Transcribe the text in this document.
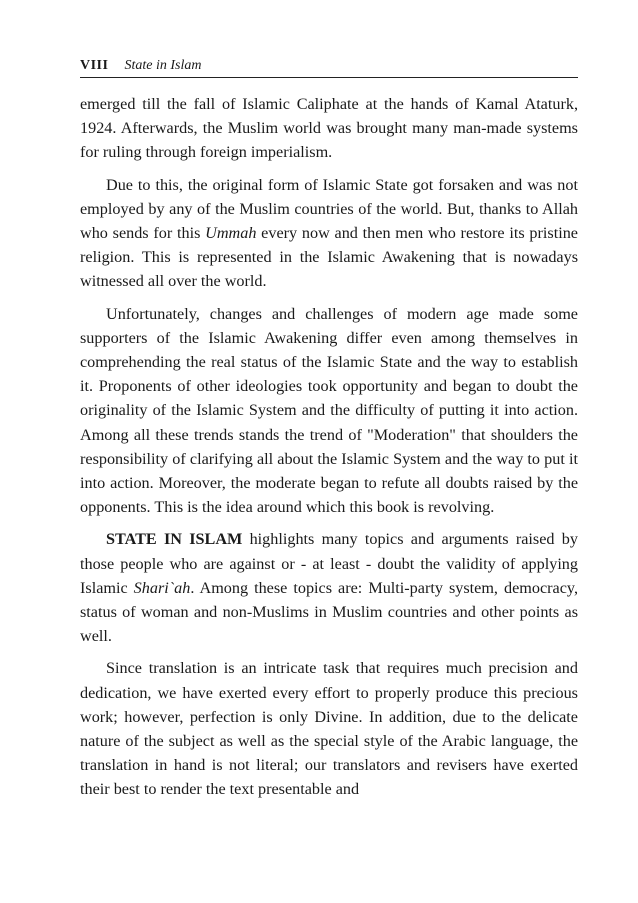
VIII State in Islam

emerged till the fall of Islamic Caliphate at the hands of Kamal Ataturk, 1924. Afterwards, the Muslim world was brought many man-made systems for ruling through foreign imperialism.

Due to this, the original form of Islamic State got forsaken and was not employed by any of the Muslim countries of the world. But, thanks to Allah who sends for this Ummah every now and then men who restore its pristine religion. This is represented in the Islamic Awakening that is nowadays witnessed all over the world.

Unfortunately, changes and challenges of modern age made some supporters of the Islamic Awakening differ even among themselves in comprehending the real status of the Islamic State and the way to establish it. Proponents of other ideologies took opportunity and began to doubt the originality of the Islamic System and the difficulty of putting it into action. Among all these trends stands the trend of "Moderation" that shoulders the responsibility of clarifying all about the Islamic System and the way to put it into action. Moreover, the moderate began to refute all doubts raised by the opponents. This is the idea around which this book is revolving.

STATE IN ISLAM highlights many topics and arguments raised by those people who are against or - at least - doubt the validity of applying Islamic Shari`ah. Among these topics are: Multi-party system, democracy, status of woman and non-Muslims in Muslim countries and other points as well.

Since translation is an intricate task that requires much precision and dedication, we have exerted every effort to properly produce this precious work; however, perfection is only Divine. In addition, due to the delicate nature of the subject as well as the special style of the Arabic language, the translation in hand is not literal; our translators and revisers have exerted their best to render the text presentable and
